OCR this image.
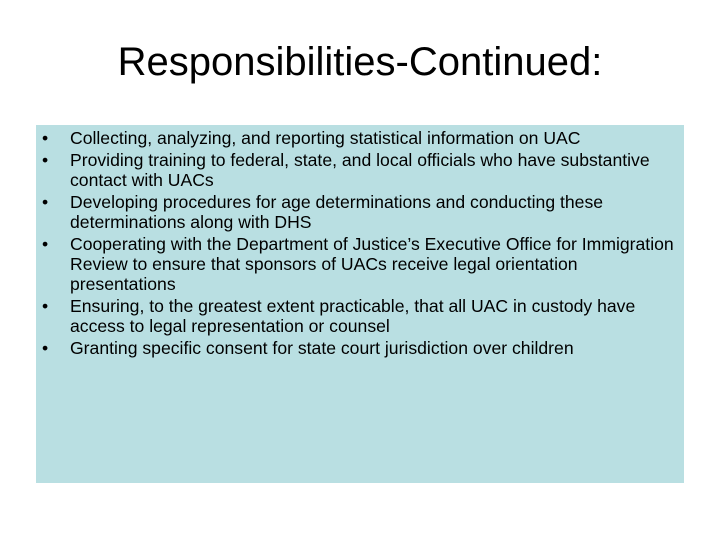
Responsibilities-Continued:
•	Collecting, analyzing, and reporting statistical information on UAC
•	Providing training to federal, state, and local officials who have substantive contact with UACs
•	Developing procedures for age determinations and conducting these determinations along with DHS
•	Cooperating with the Department of Justice’s Executive Office for Immigration Review to ensure that sponsors of UACs receive legal orientation presentations
•	Ensuring, to the greatest extent practicable, that all UAC in custody have access to legal representation or counsel
•	Granting specific consent for state court jurisdiction over children
